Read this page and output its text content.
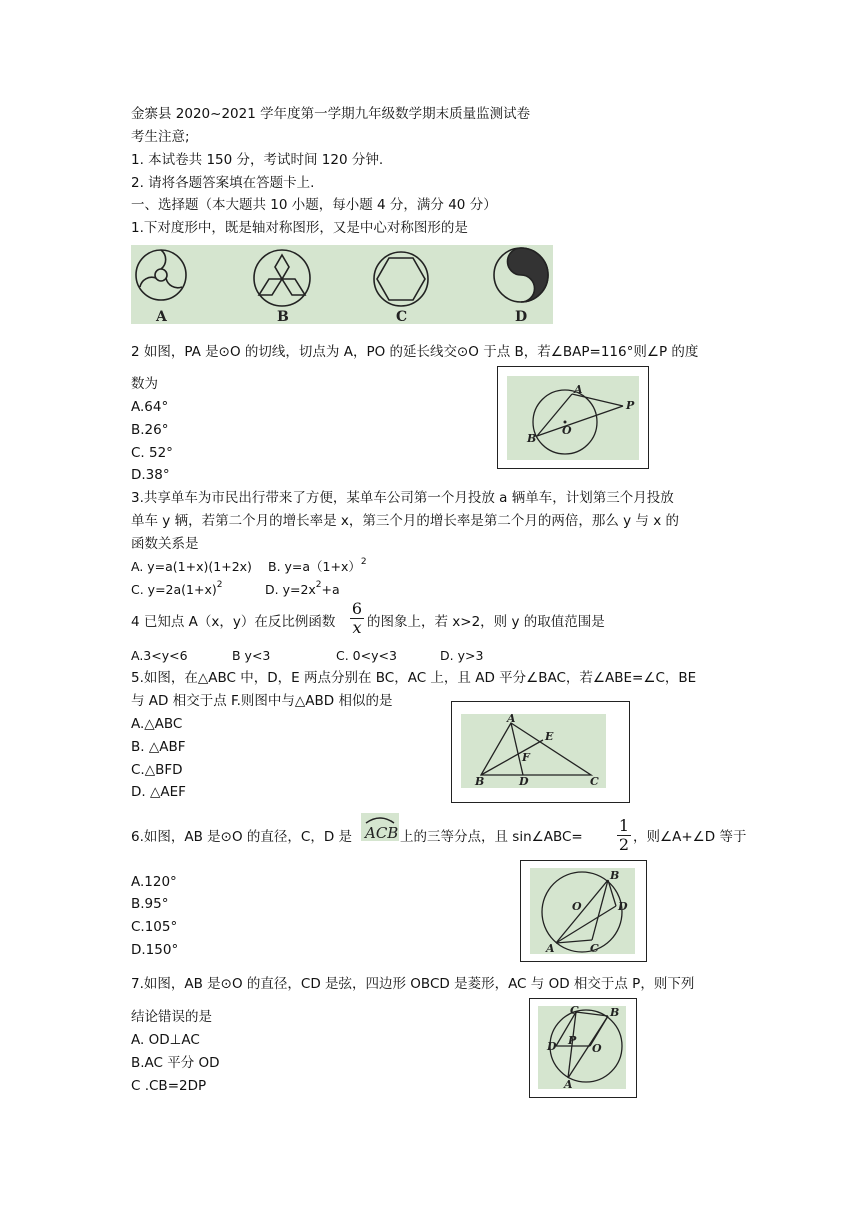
金寨县 2020~2021 学年度第一学期九年级数学期末质量监测试卷
考生注意;
1. 本试卷共 150 分，考试时间 120 分钟.
2. 请将各题答案填在答题卡上.
一、选择题（本大题共 10 小题，每小题 4 分，满分 40 分）
1.下对度形中，既是轴对称图形，又是中心对称图形的是
A	B	C	D
2 如图，PA 是⊙O 的切线，切点为 A，PO 的延长线交⊙O 于点 B，若∠BAP=116°则∠P 的度
数为
A.64°
B.26°
C. 52°
D.38°
A
B
O
P
3.共享单车为市民出行带来了方便，某单车公司第一个月投放 a 辆单车，计划第三个月投放
单车 y 辆，若第二个月的增长率是 x，第三个月的增长率是第二个月的两倍，那么 y 与 x 的
函数关系是
A. y=a(1+x)(1+2x) B. $y=a(1+x)^2$
C. $y=2a(1+x)^2$	D. $y=2x^2+a$
4 已知点 A（x，y）在反比例函数 $\frac{6}{x}$ 的图象上，若 x>2，则 y 的取值范围是
A.3<y<6	B y<3	C. 0<y<3	D. y>3
5.如图，在△ABC 中，D，E 两点分别在 BC，AC 上，且 AD 平分∠BAC，若∠ABE=∠C，BE
与 AD 相交于点 F.则图中与△ABD 相似的是
A.△ABC
B. △ABF
C.△BFD
D. △AEF
A
B	C
D
E
F
6.如图，AB 是⊙O 的直径，C，D 是 ACB 上的三等分点，且 sin∠ABC= $\frac{1}{2}$ ，则∠A+∠D 等于
A.120°
B.95°
C.105°
D.150°	A
B
C
D
O
7.如图，AB 是⊙O 的直径，CD 是弦，四边形 OBCD 是菱形，AC 与 OD 相交于点 P，则下列
结论错误的是
A. OD⊥AC
B.AC 平分 OD
C .CB=2DP
C	B
D P
O
A
